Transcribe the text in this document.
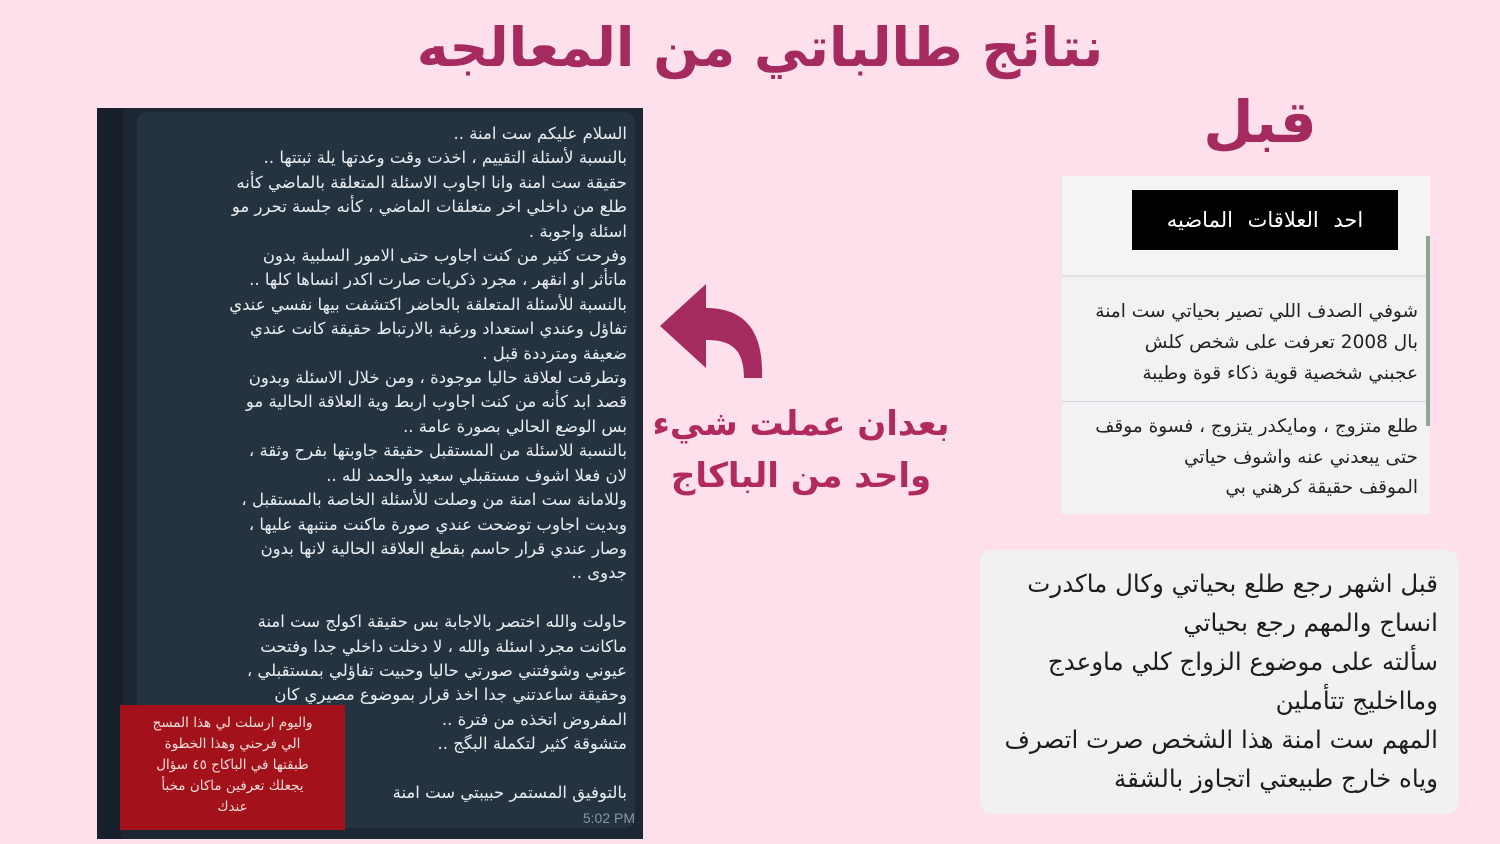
نتائج طالباتي من المعالجه
قبل
السلام عليكم ست امنة ..
بالنسبة لأسئلة التقييم ، اخذت وقت وعدتها يلة ثبتتها ..
حقيقة ست امنة وانا اجاوب الاسئلة المتعلقة بالماضي كأنه
طلع من داخلي اخر متعلقات الماضي ، كأنه جلسة تحرر مو
اسئلة واجوبة .
وفرحت كثير من كنت اجاوب حتى الامور السلبية بدون
ماتأثر او انقهر ، مجرد ذكريات صارت اكدر انساها كلها ..
بالنسبة للأسئلة المتعلقة بالحاضر اكتشفت بيها نفسي عندي
تفاؤل وعندي استعداد ورغبة بالارتباط حقيقة كانت عندي
ضعيفة ومترددة قبل .
وتطرقت لعلاقة حاليا موجودة ، ومن خلال الاسئلة وبدون
قصد ابد كأنه من كنت اجاوب اربط وية العلاقة الحالية مو
بس الوضع الحالي بصورة عامة ..
بالنسبة للاسئلة من المستقبل حقيقة جاوبتها بفرح وثقة ،
لان فعلا اشوف مستقبلي سعيد والحمد لله ..
وللامانة ست امنة من وصلت للأسئلة الخاصة بالمستقبل ،
وبديت اجاوب توضحت عندي صورة ماكنت منتبهة عليها ،
وصار عندي قرار حاسم بقطع العلاقة الحالية لانها بدون
جدوى ..

حاولت والله اختصر بالاجابة بس حقيقة اكولج ست امنة
ماكانت مجرد اسئلة والله ، لا دخلت داخلي جدا وفتحت
عيوني وشوفتني صورتي حاليا وحبيت تفاؤلي بمستقبلي ،
وحقيقة ساعدتني جدا اخذ قرار بموضوع مصيري كان
المفروض اتخذه من فترة ..
متشوقة كثير لتكملة البگج ..

بالتوفيق المستمر حبيبتي ست امنة
5:02 PM
واليوم ارسلت لي هذا المسج
الي فرحني وهذا الخطوة
طبقتها في الباكاج ٤٥ سؤال
يجعلك تعرفين ماكان مخبأ
عندك
بعدان عملت شيء
واحد من الباكاج
احد العلاقات الماضيه
شوفي الصدف اللي تصير بحياتي ست امنة
بال 2008 تعرفت على شخص كلش
عجبني شخصية قوية ذكاء قوة وطيبة
طلع متزوج ، ومايكدر يتزوج ، فسوة موقف
حتى يبعدني عنه واشوف حياتي
الموقف حقيقة كرهني بي
قبل اشهر رجع طلع بحياتي وكال ماكدرت
انساج والمهم رجع بحياتي
سألته على موضوع الزواج كلي ماوعدج
ومااخليج تتأملين
المهم ست امنة هذا الشخص صرت اتصرف
وياه خارج طبيعتي اتجاوز بالشقة
